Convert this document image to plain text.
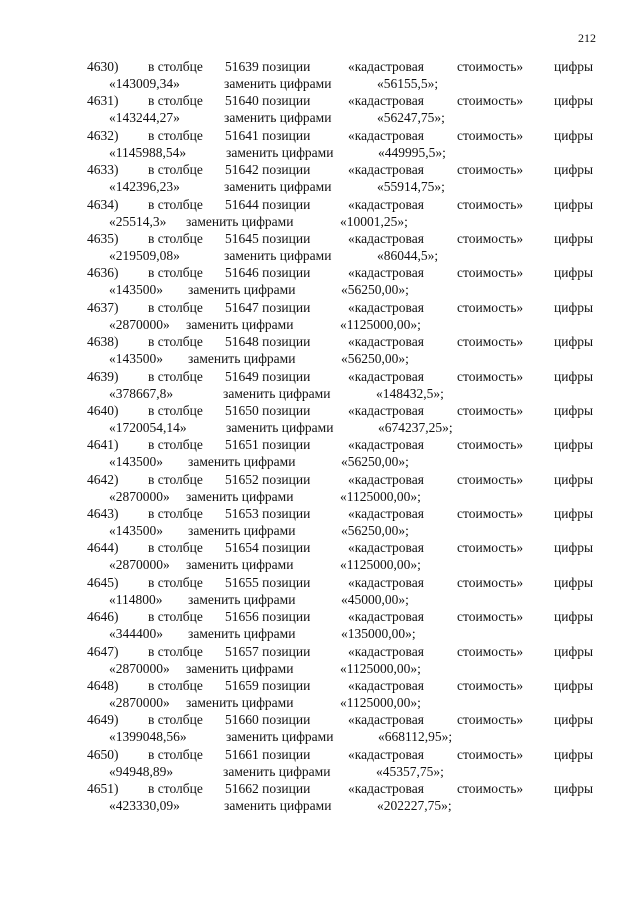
212
4630) в столбце 51639 позиции	«кадастровая стоимость» цифры
«143009,34»	заменить цифрами	«56155,5»;
4631) в столбце 51640 позиции	«кадастровая стоимость» цифры
«143244,27»	заменить цифрами	«56247,75»;
4632) в столбце 51641 позиции	«кадастровая стоимость» цифры
«1145988,54»	заменить цифрами	«449995,5»;
4633) в столбце 51642 позиции	«кадастровая стоимость» цифры
«142396,23»	заменить цифрами	«55914,75»;
4634) в столбце 51644 позиции	«кадастровая стоимость» цифры
«25514,3» заменить цифрами	«10001,25»;
4635) в столбце 51645 позиции	«кадастровая стоимость» цифры
«219509,08»	заменить цифрами	«86044,5»;
4636) в столбце 51646 позиции	«кадастровая стоимость» цифры
«143500» заменить цифрами	«56250,00»;
4637) в столбце 51647 позиции	«кадастровая стоимость» цифры
«2870000» заменить цифрами	«1125000,00»;
4638) в столбце 51648 позиции	«кадастровая стоимость» цифры
«143500» заменить цифрами	«56250,00»;
4639) в столбце 51649 позиции	«кадастровая стоимость» цифры
«378667,8»	заменить цифрами	«148432,5»;
4640) в столбце 51650 позиции	«кадастровая стоимость» цифры
«1720054,14»	заменить цифрами	«674237,25»;
4641) в столбце 51651 позиции	«кадастровая стоимость» цифры
«143500» заменить цифрами	«56250,00»;
4642) в столбце 51652 позиции	«кадастровая стоимость» цифры
«2870000» заменить цифрами	«1125000,00»;
4643) в столбце 51653 позиции	«кадастровая стоимость» цифры
«143500» заменить цифрами	«56250,00»;
4644) в столбце 51654 позиции	«кадастровая стоимость» цифры
«2870000» заменить цифрами	«1125000,00»;
4645) в столбце 51655 позиции	«кадастровая стоимость» цифры
«114800» заменить цифрами	«45000,00»;
4646) в столбце 51656 позиции	«кадастровая стоимость» цифры
«344400» заменить цифрами	«135000,00»;
4647) в столбце 51657 позиции	«кадастровая стоимость» цифры
«2870000» заменить цифрами	«1125000,00»;
4648) в столбце 51659 позиции	«кадастровая стоимость» цифры
«2870000» заменить цифрами	«1125000,00»;
4649) в столбце 51660 позиции	«кадастровая стоимость» цифры
«1399048,56»	заменить цифрами	«668112,95»;
4650) в столбце 51661 позиции	«кадастровая стоимость» цифры
«94948,89»	заменить цифрами	«45357,75»;
4651) в столбце 51662 позиции	«кадастровая стоимость» цифры
«423330,09»	заменить цифрами	«202227,75»;
